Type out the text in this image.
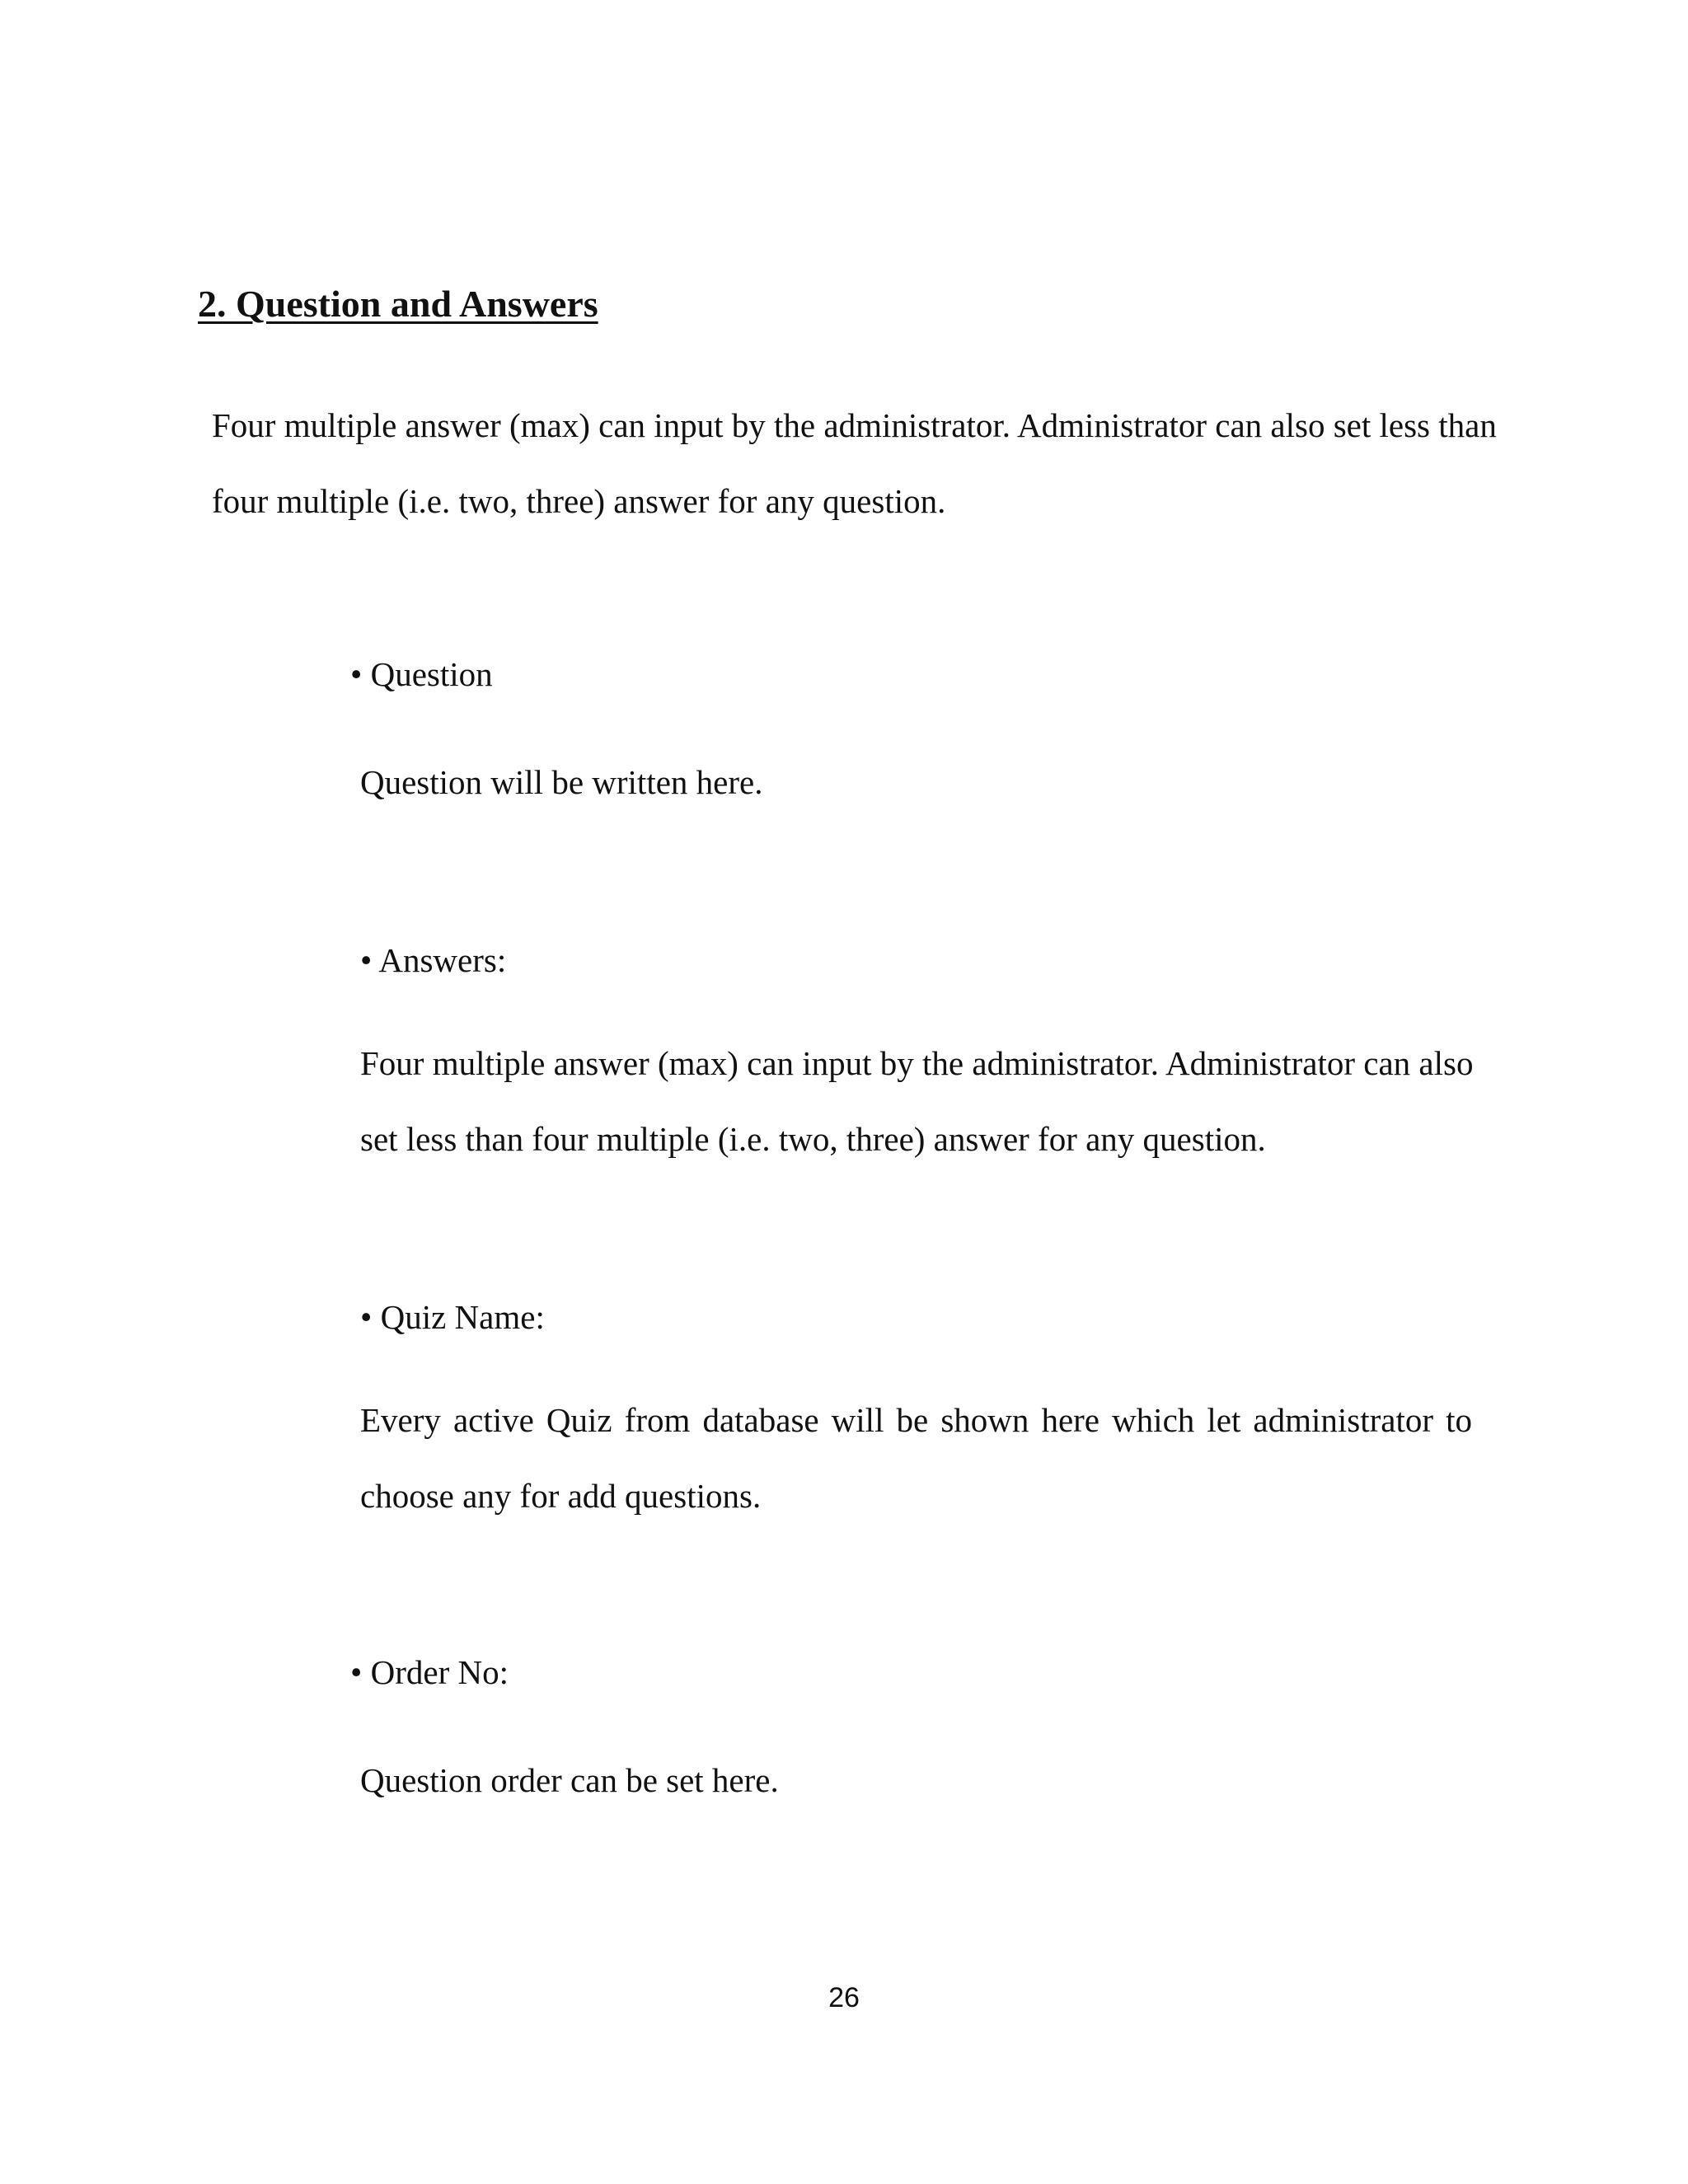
2. Question and Answers
Four multiple answer (max) can input by the administrator. Administrator can also set less than
four multiple (i.e. two, three) answer for any question.
• Question
Question will be written here.
• Answers:
Four multiple answer (max) can input by the administrator. Administrator can also
set less than four multiple (i.e. two, three) answer for any question.
• Quiz Name:
Every active Quiz from database will be shown here which let administrator to
choose any for add questions.
• Order No:
Question order can be set here.
26
